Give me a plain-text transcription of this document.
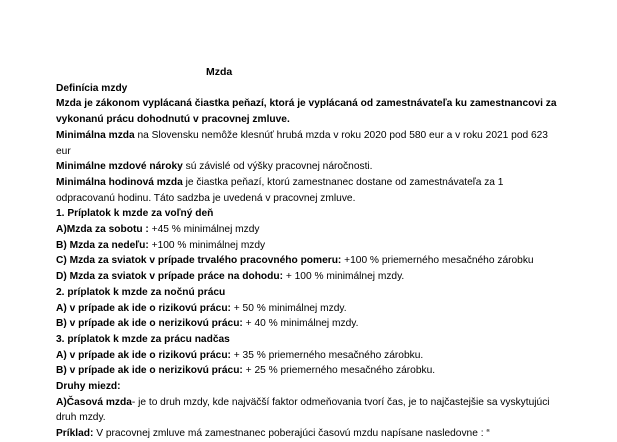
Mzda
Definícia mzdy
Mzda je zákonom vyplácaná čiastka peňazí, ktorá je vyplácaná od zamestnávateľa ku zamestnancovi za vykonanú prácu dohodnutú v pracovnej zmluve.
Minimálna mzda na Slovensku nemôže klesnúť hrubá mzda v roku 2020 pod 580 eur a v roku 2021 pod 623 eur
Minimálne mzdové nároky sú závislé od výšky pracovnej náročnosti.
Minimálna hodinová mzda je čiastka peňazí, ktorú zamestnanec dostane od zamestnávateľa za 1 odpracovanú hodinu. Táto sadzba je uvedená v pracovnej zmluve.
1. Príplatok k mzde za voľný deň
A)Mzda za sobotu : +45 % minimálnej mzdy
B) Mzda za nedeľu: +100 % minimálnej mzdy
C) Mzda za sviatok v prípade trvalého pracovného pomeru: +100 % priemerného mesačného zárobku
D) Mzda za sviatok v prípade práce na dohodu: + 100 % minimálnej mzdy.
2. príplatok k mzde za nočnú prácu
A) v prípade ak ide o rizikovú prácu: + 50 % minimálnej mzdy.
B) v prípade ak ide o nerizikovú prácu: + 40 % minimálnej mzdy.
3. príplatok k mzde za prácu nadčas
A) v prípade ak ide o rizikovú prácu: + 35 % priemerného mesačného zárobku.
B) v prípade ak ide o nerizikovú prácu: + 25 % priemerného mesačného zárobku.
Druhy miezd:
A)Časová mzda- je to druh mzdy, kde najväčší faktor odmeňovania tvorí čas, je to najčastejšie sa vyskytujúci druh mzdy.
Príklad: V pracovnej zmluve má zamestnanec poberajúci časovú mzdu napísane nasledovne : “
